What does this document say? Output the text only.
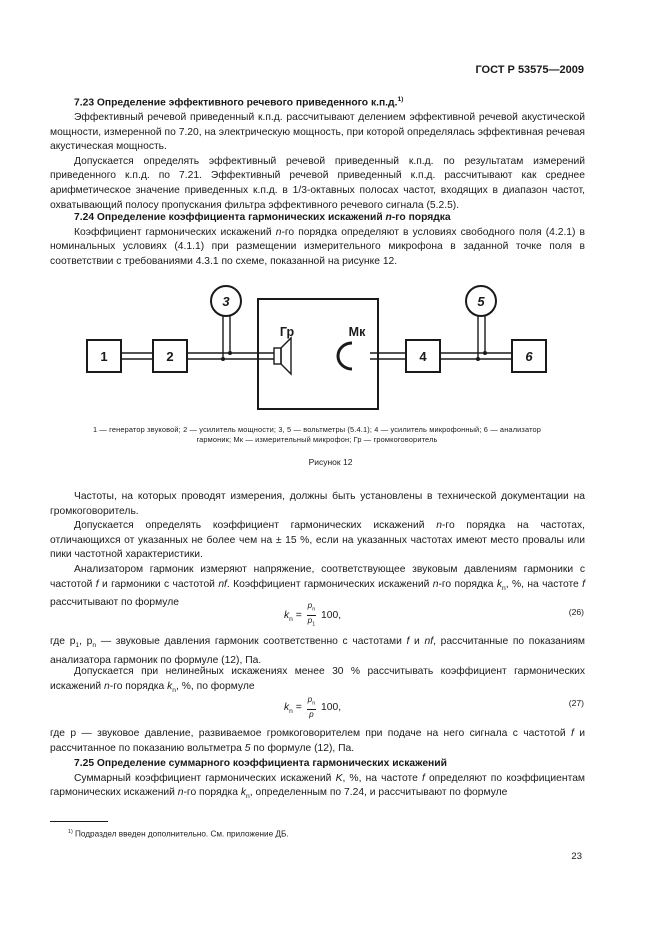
ГОСТ Р 53575—2009

7.23 Определение эффективного речевого приведенного к.п.д.$^{1)}$

Эффективный речевой приведенный к.п.д. рассчитывают делением эффективной речевой акустической мощности, измеренной по 7.20, на электрическую мощность, при которой определялась эффективная речевая акустическая мощность.

Допускается определять эффективный речевой приведенный к.п.д. по результатам измерений приведенного к.п.д. по 7.21. Эффективный речевой приведенный к.п.д. рассчитывают как среднее арифметическое значение приведенных к.п.д. в 1/3-октавных полосах частот, входящих в диапазон частот, охватывающий полосу пропускания фильтра эффективного речевого сигнала (5.2.5).

7.24 Определение коэффициента гармонических искажений n-го порядка

Коэффициент гармонических искажений n-го порядка определяют в условиях свободного поля (4.2.1) в номинальных условиях (4.1.1) при размещении измерительного микрофона в заданной точке поля в соответствии с требованиями 4.3.1 по схеме, показанной на рисунке 12.

1	2
3
4
5
6
Гр	Мк
1 — генератор звуковой; 2 — усилитель мощности; 3, 5 — вольтметры (5.4.1); 4 — усилитель микрофонный; 6 — анализатор
гармоник; Мк — измерительный микрофон; Гр — громкоговоритель
Рисунок 12

Частоты, на которых проводят измерения, должны быть установлены в технической документации на громкоговоритель.

Допускается определять коэффициент гармонических искажений n-го порядка на частотах, отличающихся от указанных не более чем на ± 15 %, если на указанных частотах имеют место провалы или пики частотной характеристики.

Анализатором гармоник измеряют напряжение, соответствующее звуковым давлениям гармоники с частотой f и гармоники с частотой nf. Коэффициент гармонических искажений n-го порядка $k_n$, %, на частоте f рассчитывают по формуле

$k_n = \frac{p_n}{p_1} 100$,	(26)
где $p_1$, $p_n$ — звуковые давления гармоник соответственно с частотами f и nf, рассчитанные по показаниям анализатора гармоник по формуле (12), Па.

Допускается при нелинейных искажениях менее 30 % рассчитывать коэффициент гармонических искажений n-го порядка $k_n$, %, по формуле

$k_n = \frac{p_n}{p} 100$,	(27)
где p — звуковое давление, развиваемое громкоговорителем при подаче на него сигнала с частотой f и рассчитанное по показанию вольтметра 5 по формуле (12), Па.

7.25 Определение суммарного коэффициента гармонических искажений

Суммарный коэффициент гармонических искажений K, %, на частоте f определяют по коэффициентам гармонических искажений n-го порядка $k_n$, определенным по 7.24, и рассчитывают по формуле

$^{1)}$ Подраздел введен дополнительно. См. приложение ДБ.
23
